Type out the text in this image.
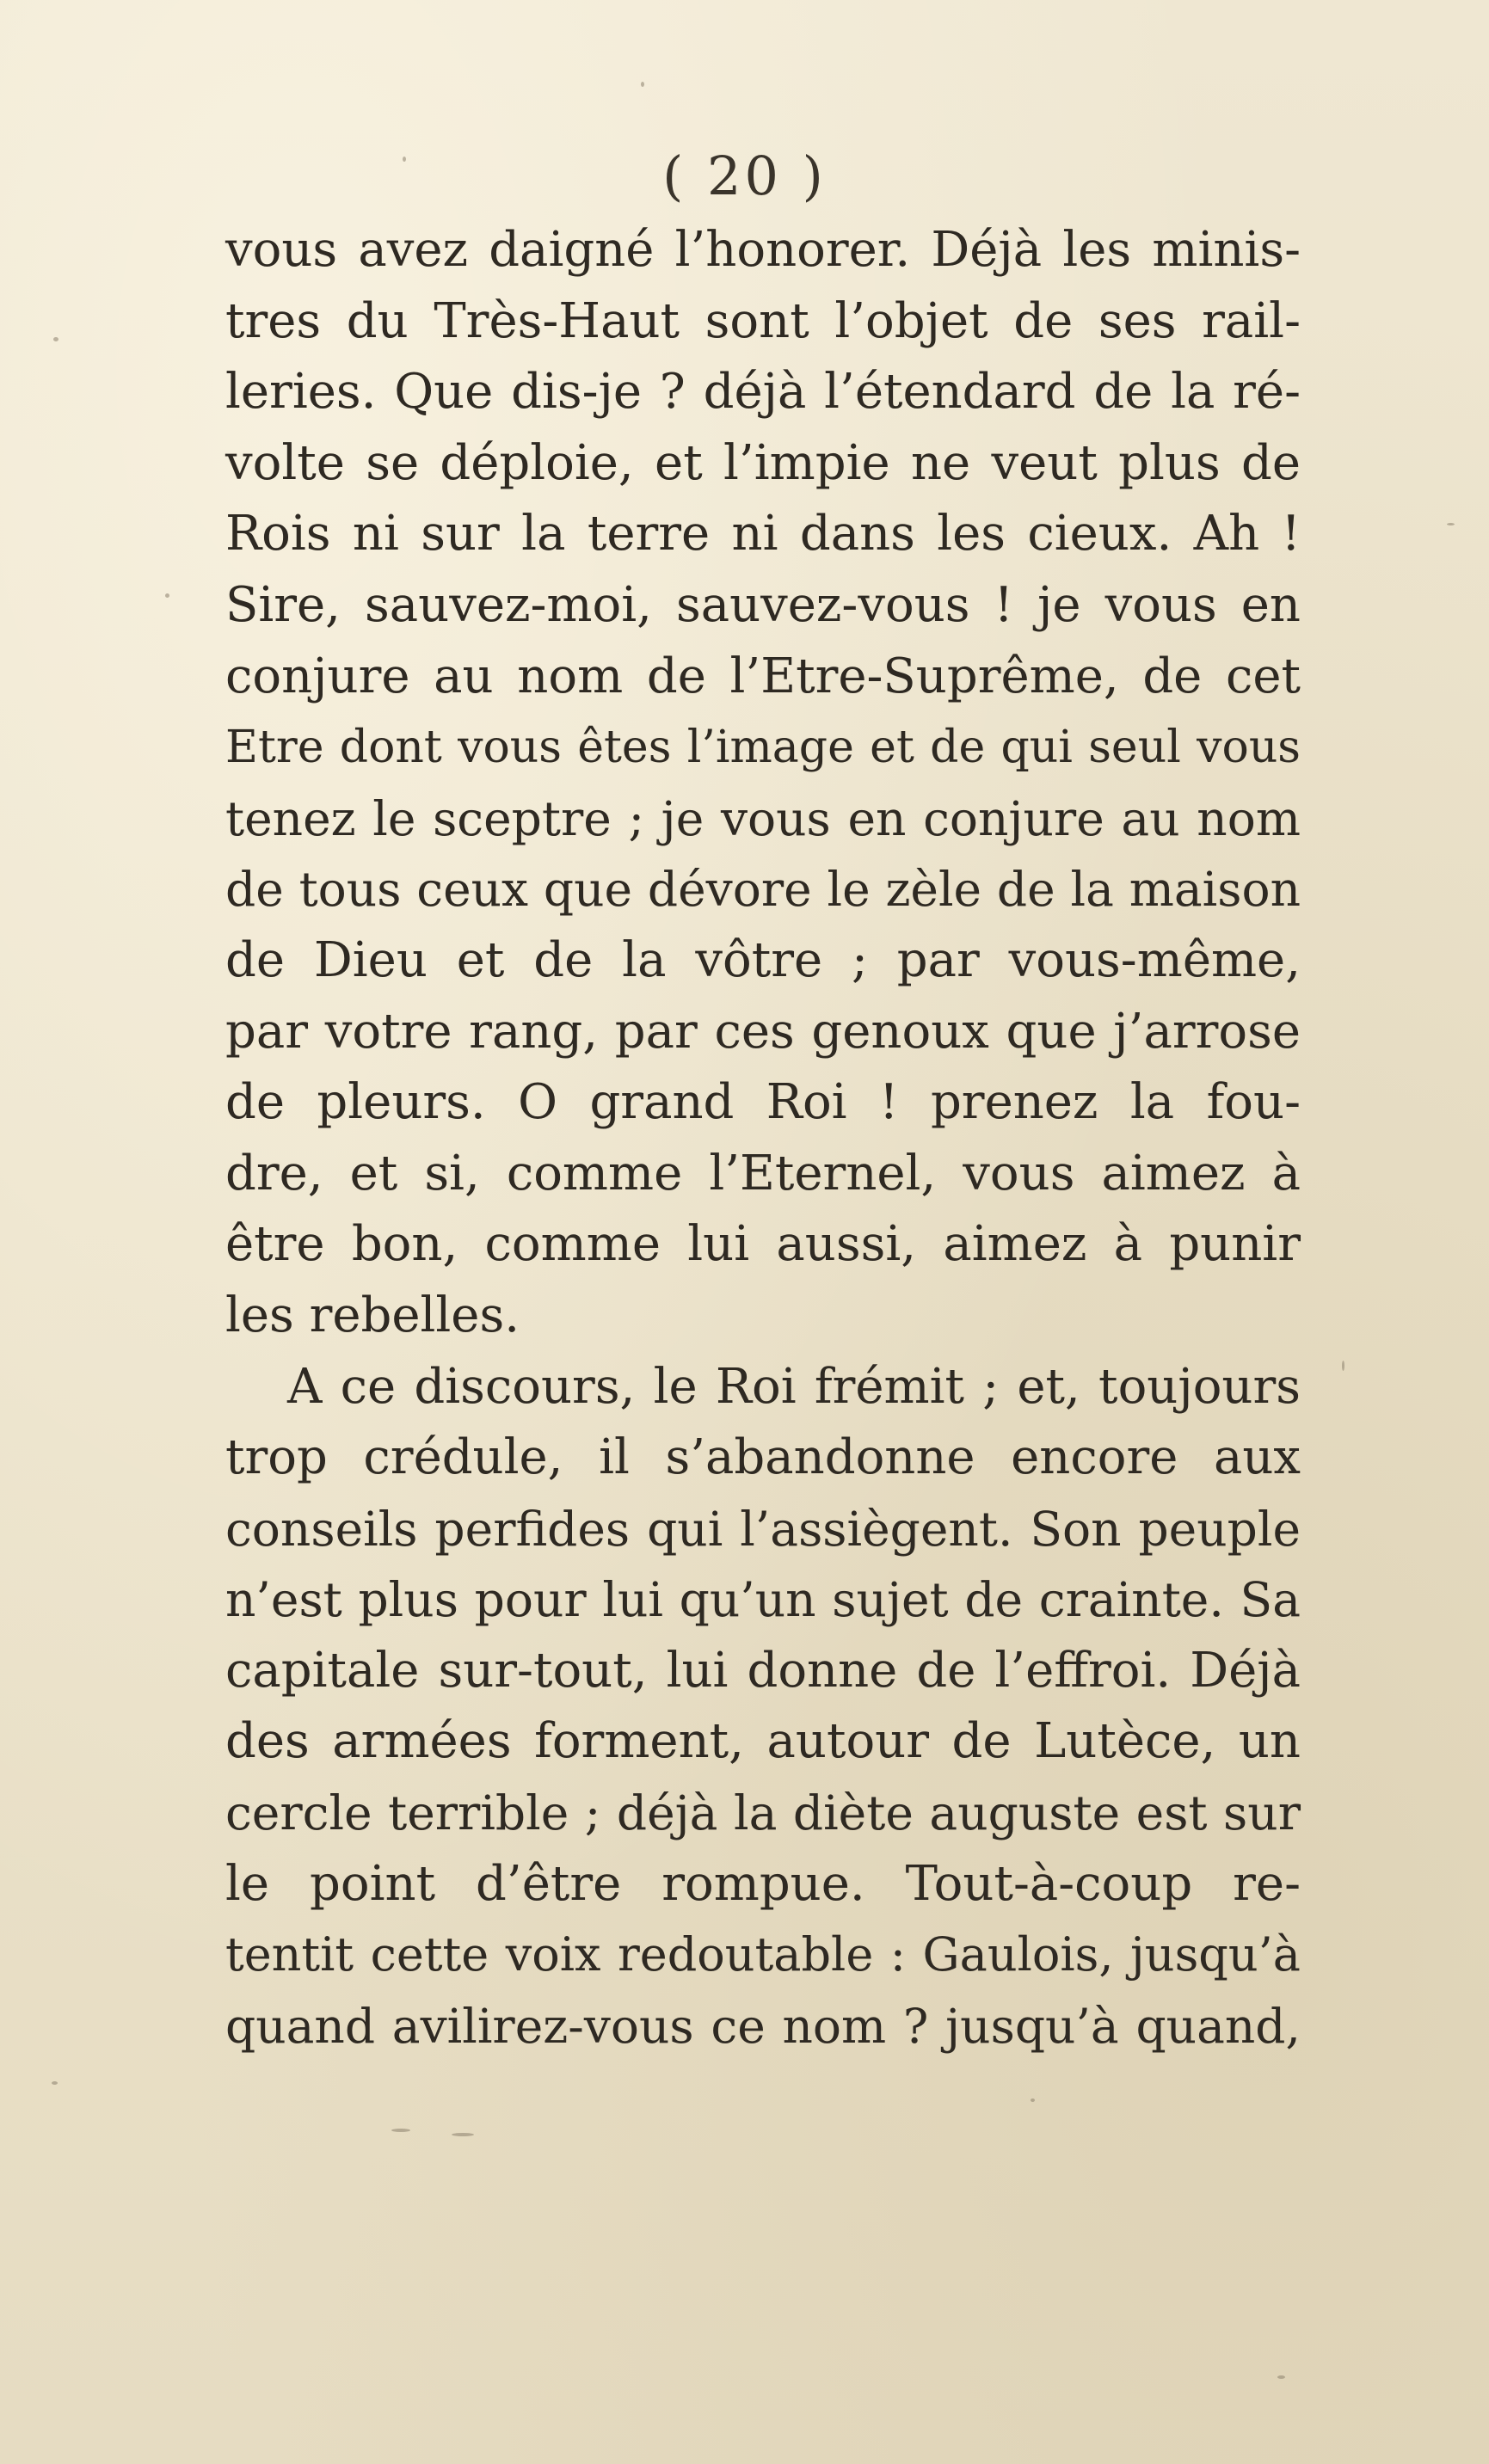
( 20 )
vous avez daigné l’honorer. Déjà les minis-
tres du Très-Haut sont l’objet de ses rail-
leries. Que dis-je ? déjà l’étendard de la ré-
volte se déploie, et l’impie ne veut plus de
Rois ni sur la terre ni dans les cieux. Ah !
Sire, sauvez-moi, sauvez-vous ! je vous en
conjure au nom de l’Etre-Suprême, de cet
Etre dont vous êtes l’image et de qui seul vous
tenez le sceptre ; je vous en conjure au nom
de tous ceux que dévore le zèle de la maison
de Dieu et de la vôtre ; par vous-même,
par votre rang, par ces genoux que j’arrose
de pleurs. O grand Roi ! prenez la fou-
dre, et si, comme l’Eternel, vous aimez à
être bon, comme lui aussi, aimez à punir
les rebelles.
A ce discours, le Roi frémit ; et, toujours
trop crédule, il s’abandonne encore aux
conseils perfides qui l’assiègent. Son peuple
n’est plus pour lui qu’un sujet de crainte. Sa
capitale sur-tout, lui donne de l’effroi. Déjà
des armées forment, autour de Lutèce, un
cercle terrible ; déjà la diète auguste est sur
le point d’être rompue. Tout-à-coup re-
tentit cette voix redoutable : Gaulois, jusqu’à
quand avilirez-vous ce nom ? jusqu’à quand,
